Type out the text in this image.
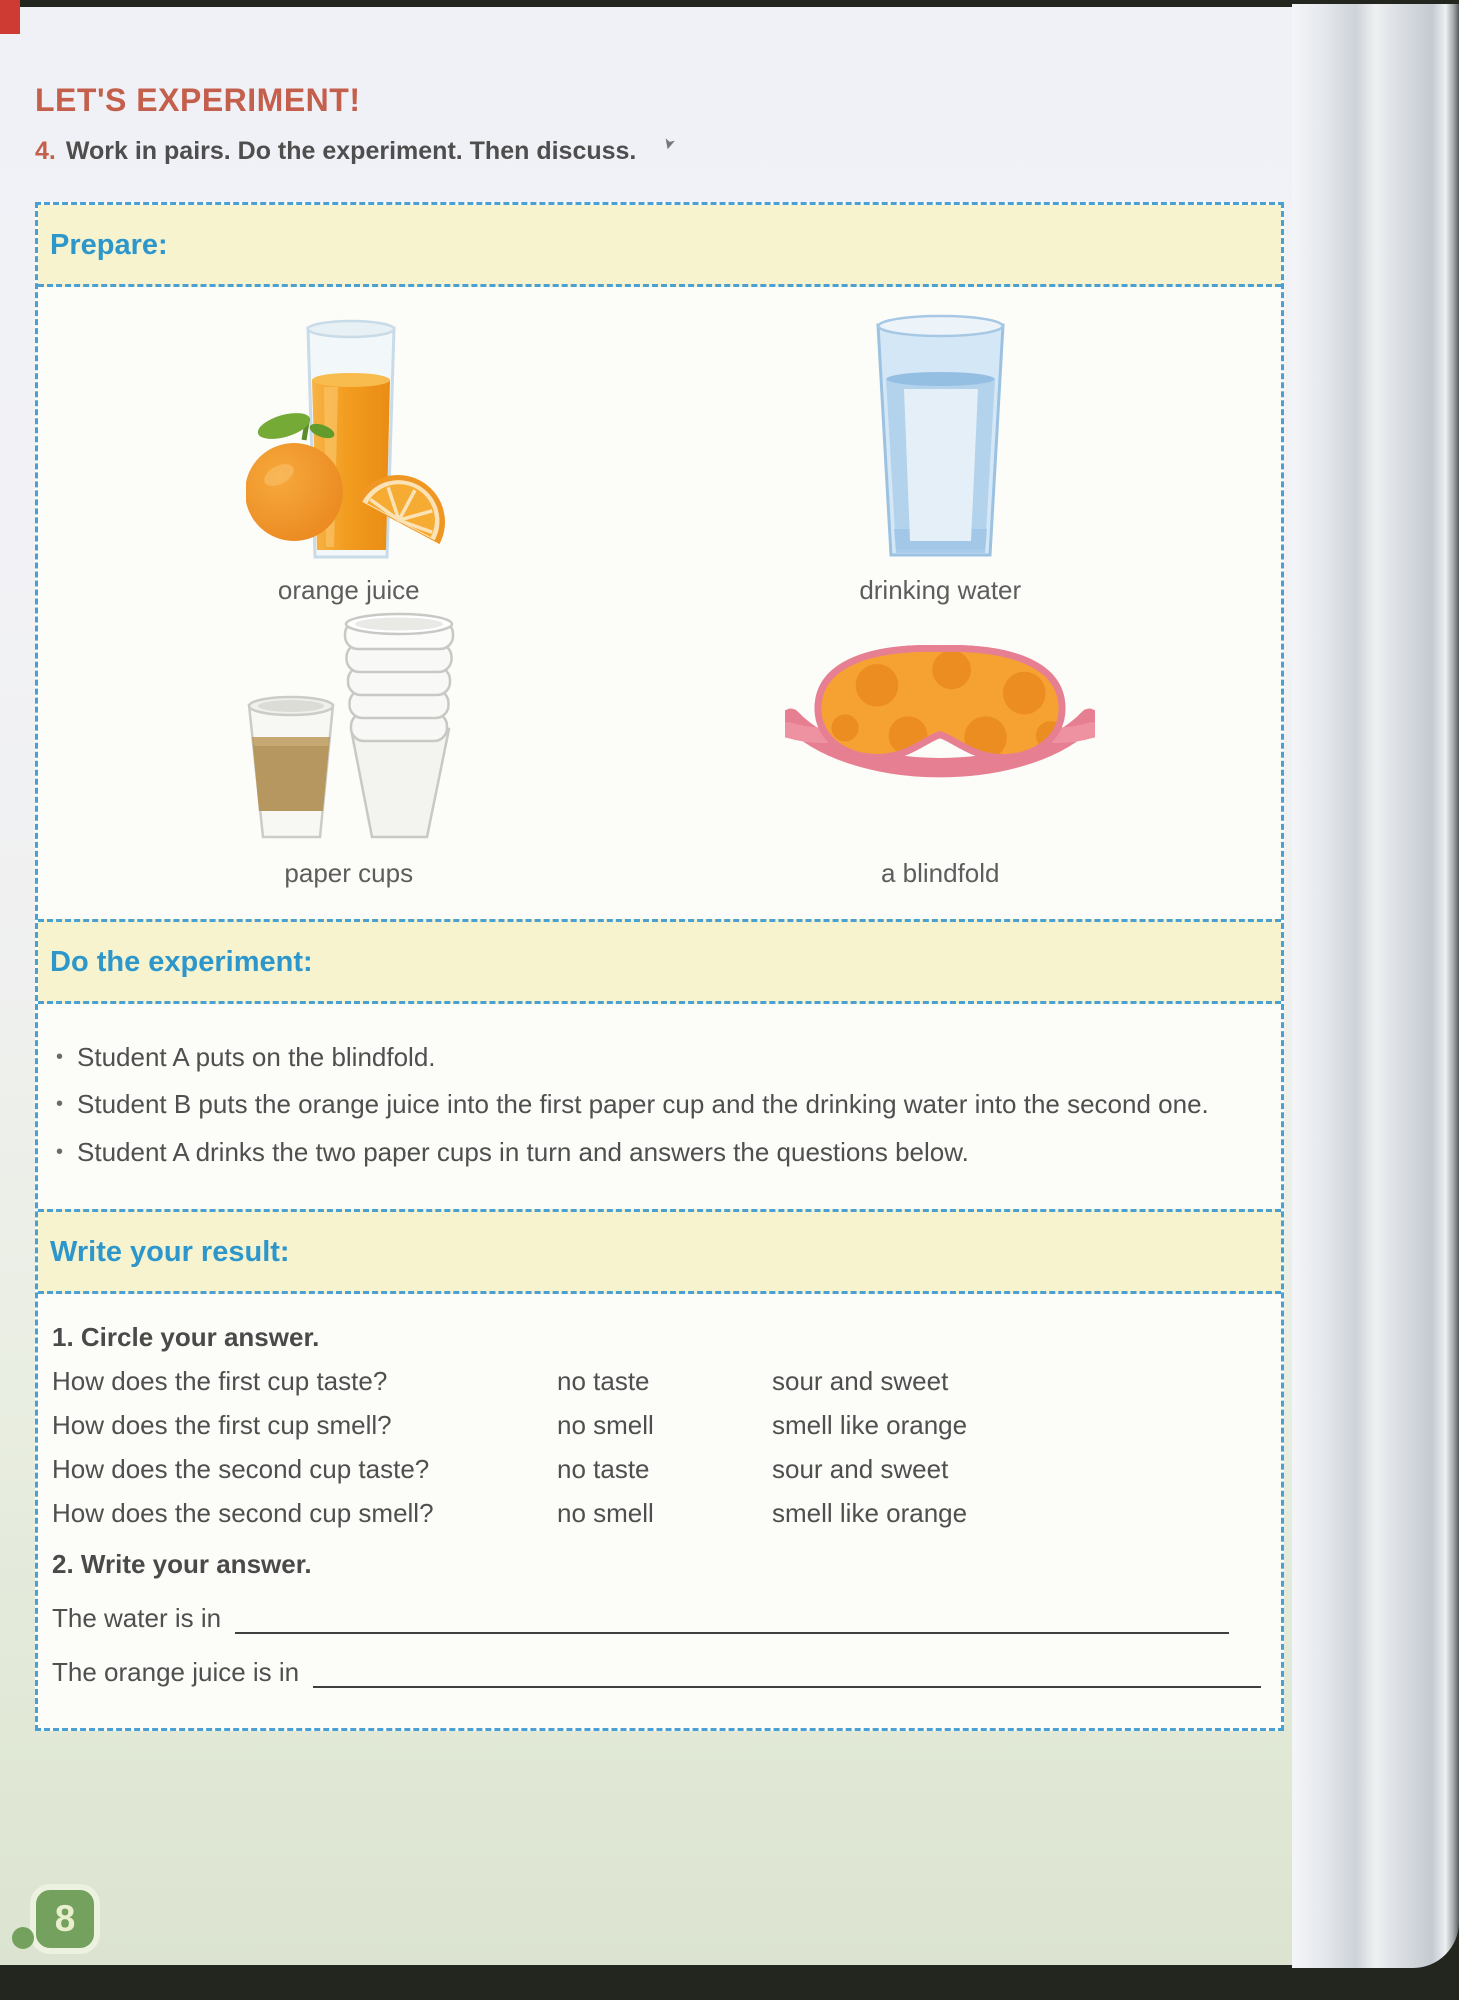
LET'S EXPERIMENT!
4. Work in pairs. Do the experiment. Then discuss.	➤
Prepare:
orange juice	drinking water
paper cups	a blindfold
Do the experiment:
• Student A puts on the blindfold.
• Student B puts the orange juice into the first paper cup and the drinking water into the second one.
• Student A drinks the two paper cups in turn and answers the questions below.
Write your result:
1. Circle your answer.
How does the first cup taste?	no taste	sour and sweet
How does the first cup smell?	no smell	smell like orange
How does the second cup taste?	no taste	sour and sweet
How does the second cup smell?	no smell	smell like orange
2. Write your answer.
The water is in
The orange juice is in
8
